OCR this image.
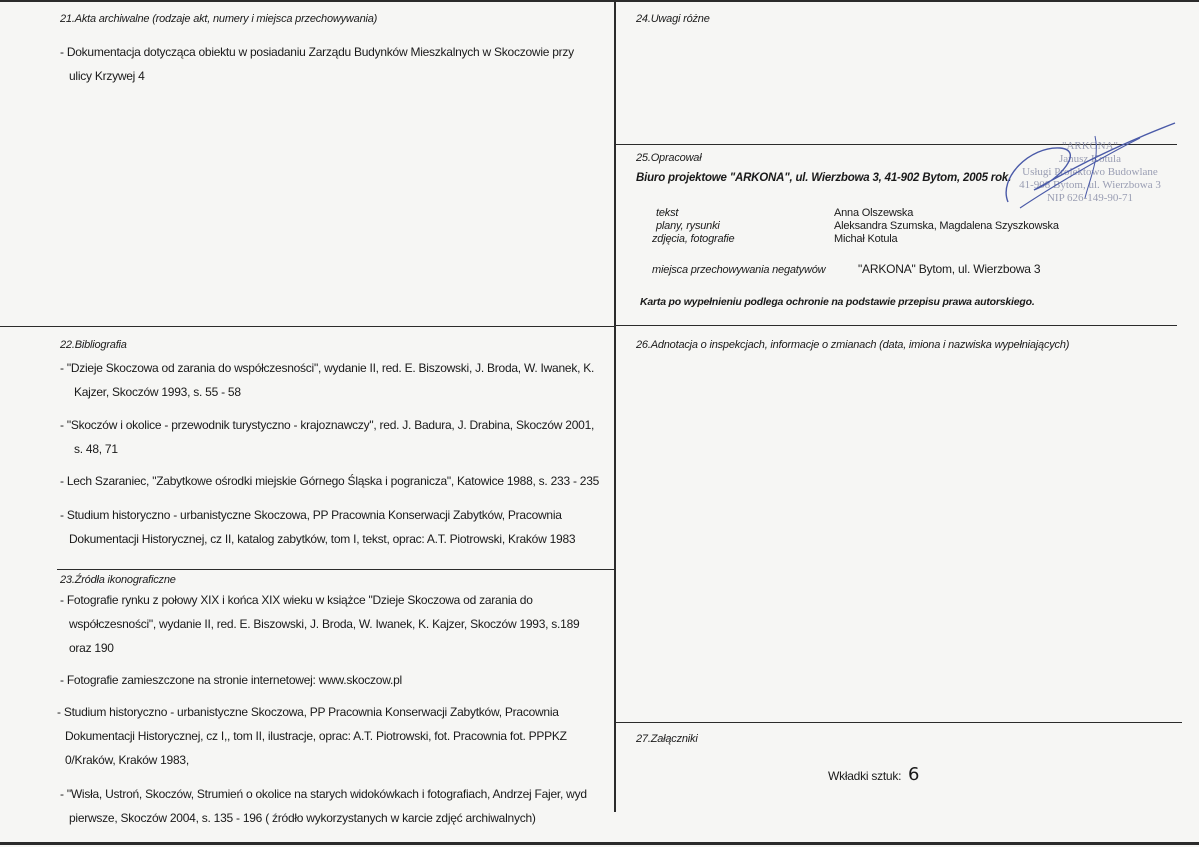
21.Akta archiwalne (rodzaje akt, numery i miejsca przechowywania)
- Dokumentacja dotycząca obiektu w posiadaniu Zarządu Budynków Mieszkalnych w Skoczowie przy
ulicy Krzywej 4
24.Uwagi różne
25.Opracował
Biuro projektowe "ARKONA", ul. Wierzbowa 3, 41-902 Bytom, 2005 rok.
tekst	Anna Olszewska
plany, rysunki	Aleksandra Szumska, Magdalena Szyszkowska
zdjęcia, fotografie	Michał Kotula
miejsca przechowywania negatywów	"ARKONA" Bytom, ul. Wierzbowa 3
Karta po wypełnieniu podlega ochronie na podstawie przepisu prawa autorskiego.
"ARKONA"
Janusz Kotula
Usługi Projektowo Budowlane
41-908 Bytom, ul. Wierzbowa 3
NIP 626-149-90-71
22.Bibliografia
- "Dzieje Skoczowa od zarania do współczesności", wydanie II, red. E. Biszowski, J. Broda, W. Iwanek, K.
Kajzer, Skoczów 1993, s. 55 - 58
- "Skoczów i okolice - przewodnik turystyczno - krajoznawczy", red. J. Badura, J. Drabina, Skoczów 2001,
s. 48, 71
- Lech Szaraniec, "Zabytkowe ośrodki miejskie Górnego Śląska i pogranicza", Katowice 1988, s. 233 - 235
- Studium historyczno - urbanistyczne Skoczowa, PP Pracownia Konserwacji Zabytków, Pracownia
Dokumentacji Historycznej, cz II, katalog zabytków, tom I, tekst, oprac: A.T. Piotrowski, Kraków 1983
26.Adnotacja o inspekcjach, informacje o zmianach (data, imiona i nazwiska wypełniających)
23.Źródła ikonograficzne
- Fotografie rynku z połowy XIX i końca XIX wieku w książce "Dzieje Skoczowa od zarania do
współczesności", wydanie II, red. E. Biszowski, J. Broda, W. Iwanek, K. Kajzer, Skoczów 1993, s.189
oraz 190
- Fotografie zamieszczone na stronie internetowej: www.skoczow.pl
- Studium historyczno - urbanistyczne Skoczowa, PP Pracownia Konserwacji Zabytków, Pracownia
Dokumentacji Historycznej, cz I,, tom II, ilustracje, oprac: A.T. Piotrowski, fot. Pracownia fot. PPPKZ
0/Kraków, Kraków 1983,
- "Wisła, Ustroń, Skoczów, Strumień o okolice na starych widokówkach i fotografiach, Andrzej Fajer, wyd
pierwsze, Skoczów 2004, s. 135 - 196 ( źródło wykorzystanych w karcie zdjęć archiwalnych)
27.Załączniki
Wkładki sztuk: 6
